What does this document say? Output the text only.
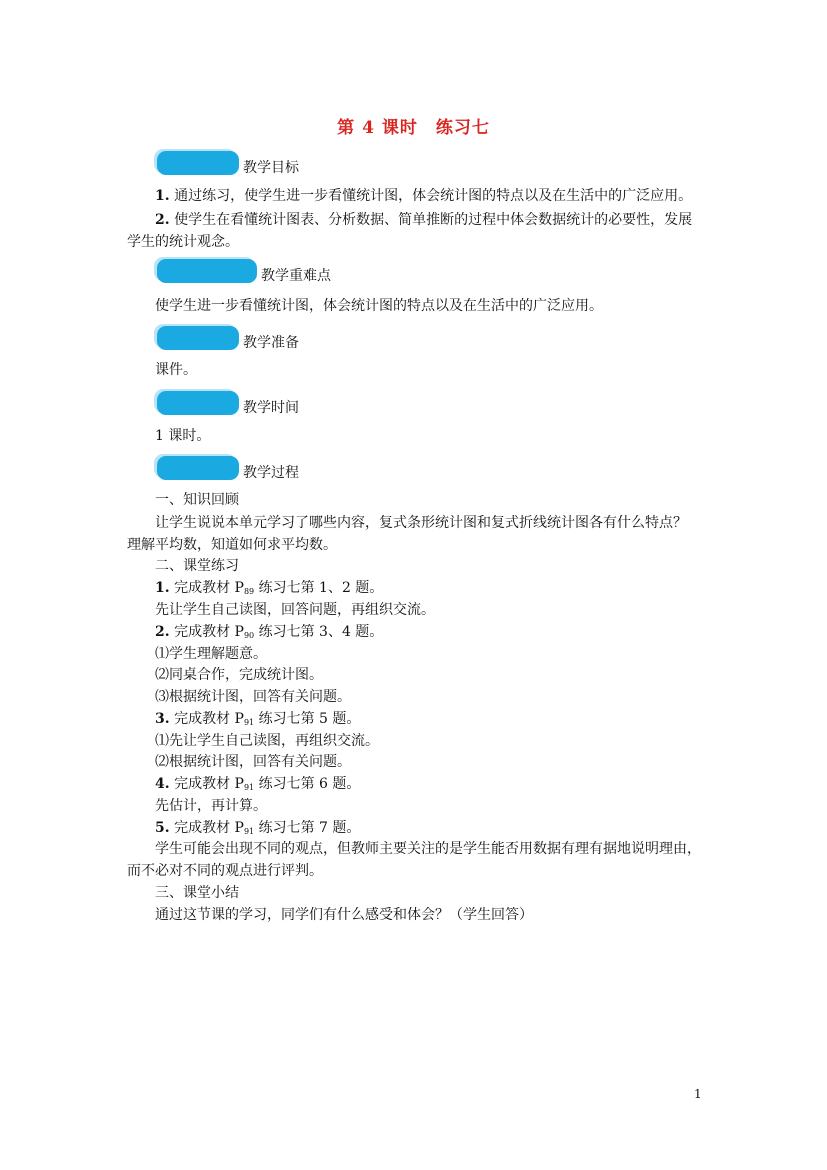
第 4 课时　练习七
教学目标
1. 通过练习，使学生进一步看懂统计图，体会统计图的特点以及在生活中的广泛应用。
2. 使学生在看懂统计图表、分析数据、简单推断的过程中体会数据统计的必要性，发展
学生的统计观念。
教学重难点
使学生进一步看懂统计图，体会统计图的特点以及在生活中的广泛应用。
教学准备
课件。
教学时间
1 课时。
教学过程
一、知识回顾
让学生说说本单元学习了哪些内容，复式条形统计图和复式折线统计图各有什么特点？
理解平均数，知道如何求平均数。
二、课堂练习
1. 完成教材 $P_{89}$ 练习七第 1、2 题。
先让学生自己读图，回答问题，再组织交流。
2. 完成教材 $P_{90}$ 练习七第 3、4 题。
⑴学生理解题意。
⑵同桌合作，完成统计图。
⑶根据统计图，回答有关问题。
3. 完成教材 $P_{91}$ 练习七第 5 题。
⑴先让学生自己读图，再组织交流。
⑵根据统计图，回答有关问题。
4. 完成教材 $P_{91}$ 练习七第 6 题。
先估计，再计算。
5. 完成教材 $P_{91}$ 练习七第 7 题。
学生可能会出现不同的观点，但教师主要关注的是学生能否用数据有理有据地说明理由，
而不必对不同的观点进行评判。
三、课堂小结
通过这节课的学习，同学们有什么感受和体会？（学生回答）
1
